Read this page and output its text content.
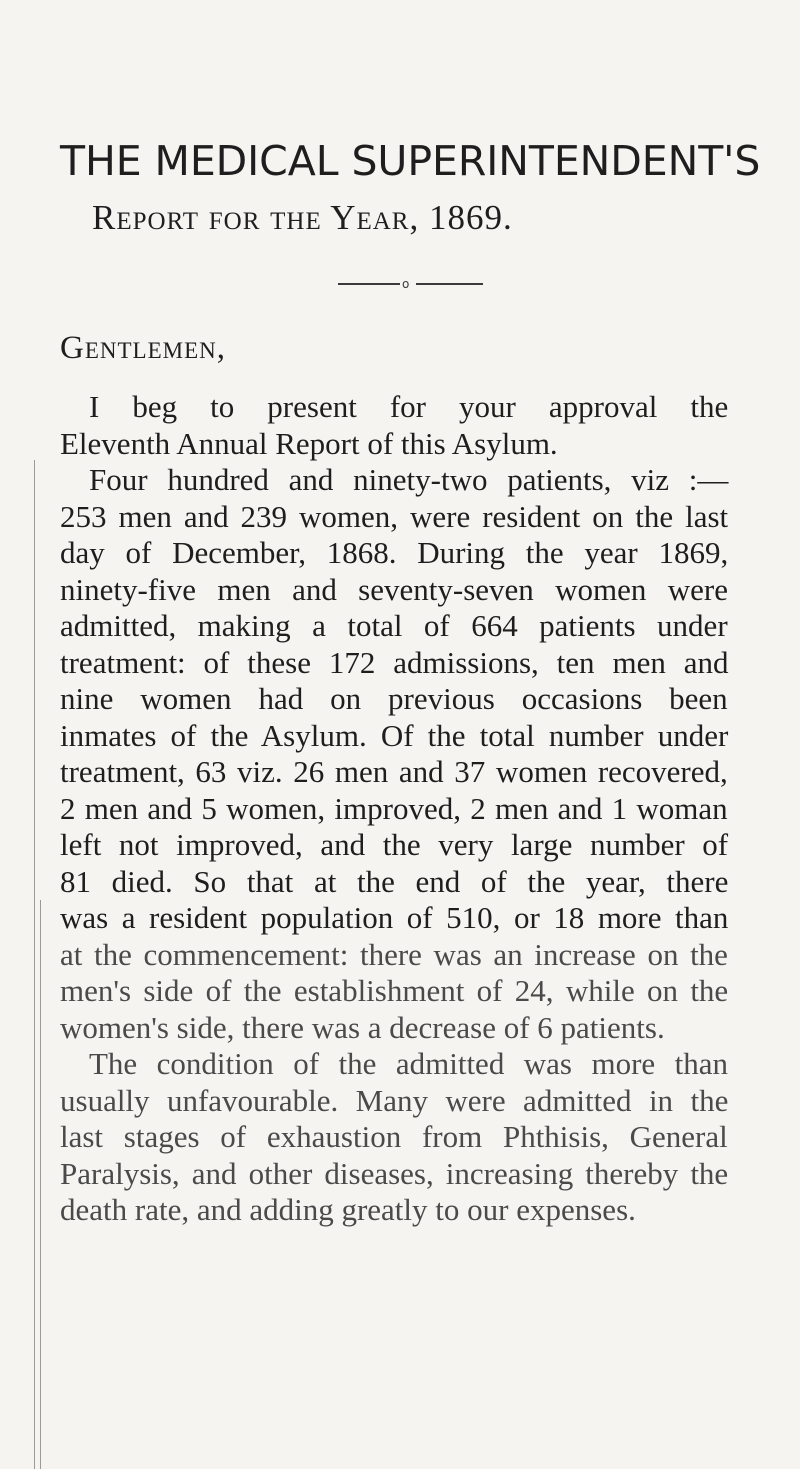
THE MEDICAL SUPERINTENDENT'S
Report for the Year, 1869.
o
Gentlemen,
I beg to present for your approval the
Eleventh Annual Report of this Asylum.
Four hundred and ninety-two patients, viz :—
253 men and 239 women, were resident on the last
day of December, 1868. During the year 1869,
ninety-five men and seventy-seven women were
admitted, making a total of 664 patients under
treatment: of these 172 admissions, ten men and
nine women had on previous occasions been
inmates of the Asylum. Of the total number under
treatment, 63 viz. 26 men and 37 women recovered,
2 men and 5 women, improved, 2 men and 1 woman
left not improved, and the very large number of
81 died. So that at the end of the year, there
was a resident population of 510, or 18 more than
at the commencement: there was an increase on the
men's side of the establishment of 24, while on the
women's side, there was a decrease of 6 patients.
The condition of the admitted was more than
usually unfavourable. Many were admitted in the
last stages of exhaustion from Phthisis, General
Paralysis, and other diseases, increasing thereby the
death rate, and adding greatly to our expenses.
